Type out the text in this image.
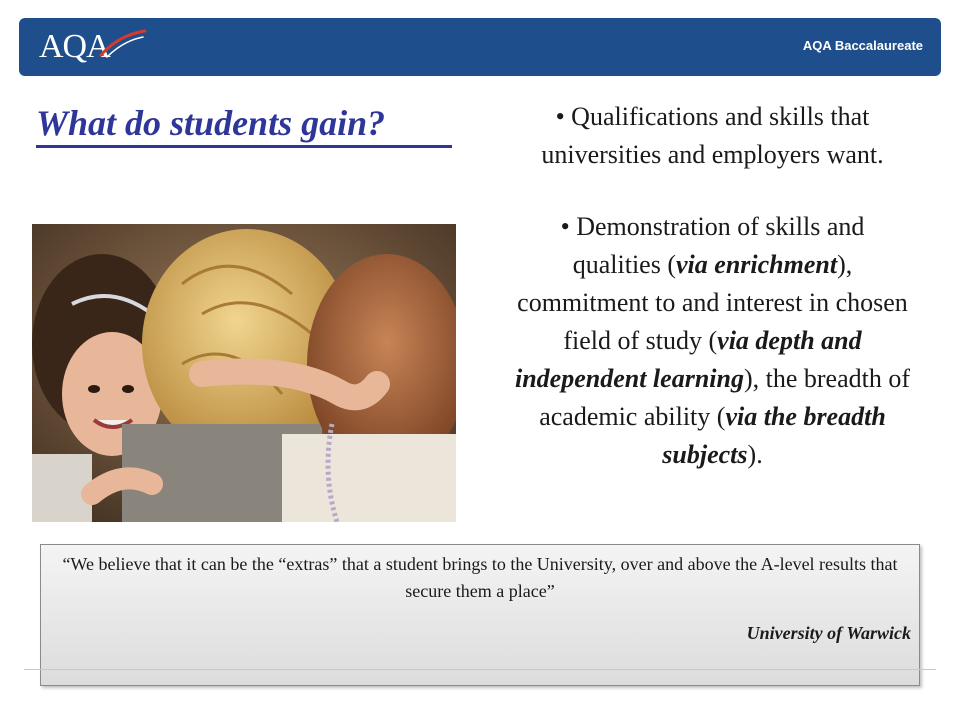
AQA	AQA Baccalaureate
What do students gain?	• Qualifications and skills that

universities and employers want.

• Demonstration of skills and

qualities (via enrichment),

commitment to and interest in chosen

field of study (via depth and

independent learning), the breadth of

academic ability (via the breadth

subjects).

“We believe that it can be the “extras” that a student brings to the University, over and above the A-level results that secure them a place”
University of Warwick
